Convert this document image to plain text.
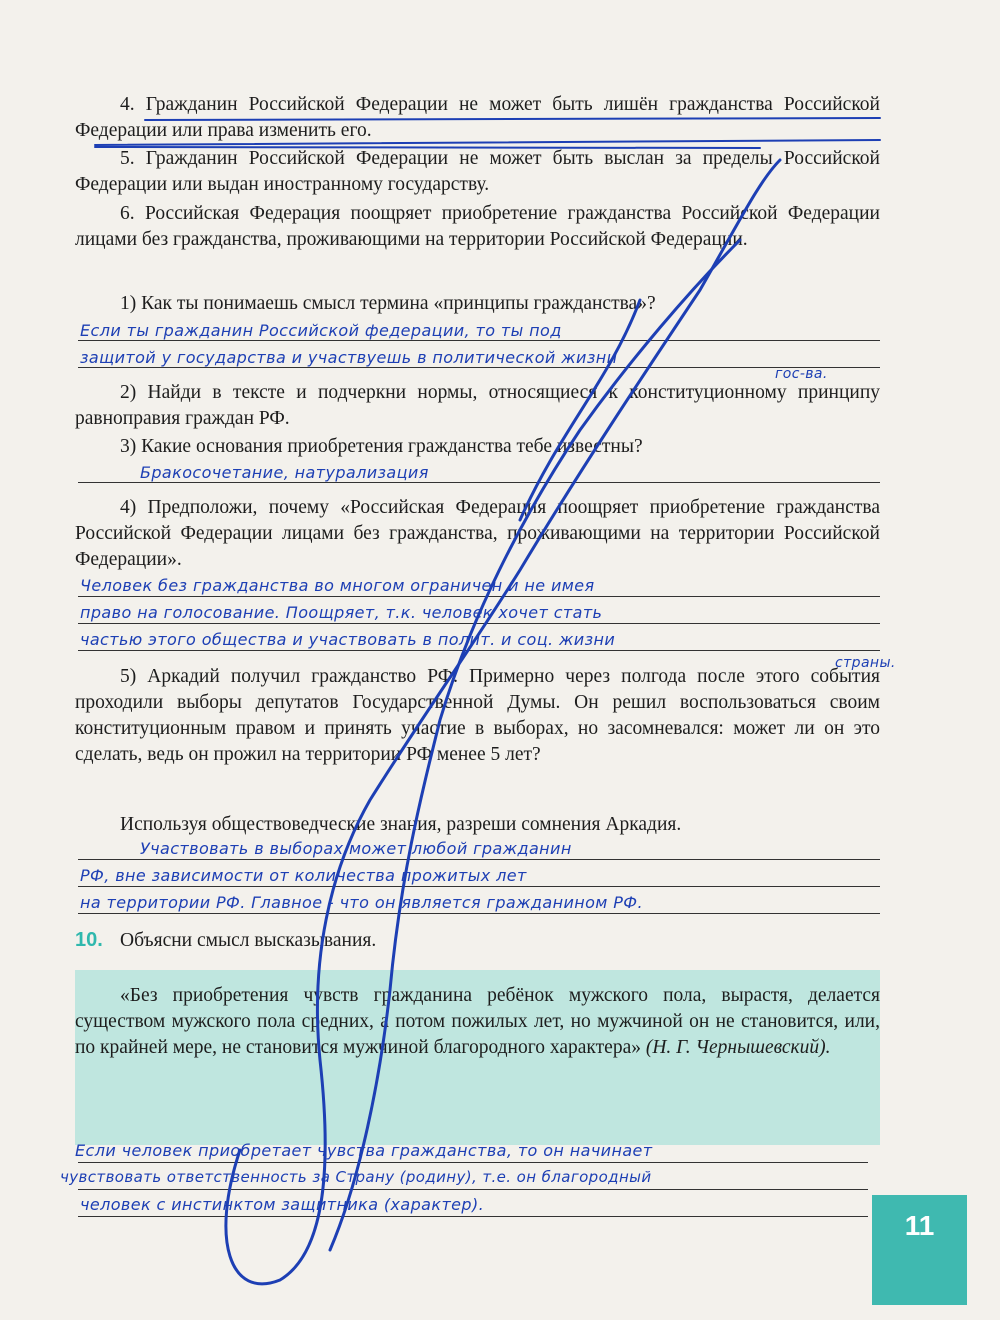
4. Гражданин Российской Федерации не может быть лишён гражданства Российской Федерации или права изменить его.

5. Гражданин Российской Федерации не может быть выслан за пределы Российской Федерации или выдан иностранному государству.

6. Российская Федерация поощряет приобретение гражданства Российской Федерации лицами без гражданства, проживающими на территории Российской Федерации.

1) Как ты понимаешь смысл термина «принципы гражданства»?

Если ты гражданин Российской федерации, то ты под
защитой у государства и участвуешь в политической жизни
гос-ва.

2) Найди в тексте и подчеркни нормы, относящиеся к конституционному принципу равноправия граждан РФ.

3) Какие основания приобретения гражданства тебе известны?

Бракосочетание, натурализация

4) Предположи, почему «Российская Федерация поощряет приобретение гражданства Российской Федерации лицами без гражданства, проживающими на территории Российской Федерации».

Человек без гражданства во многом ограничен и не имея
право на голосование. Поощряет, т.к. человек хочет стать
частью этого общества и участвовать в полит. и соц. жизни
страны.

5) Аркадий получил гражданство РФ. Примерно через полгода после этого события проходили выборы депутатов Государственной Думы. Он решил воспользоваться своим конституционным правом и принять участие в выборах, но засомневался: может ли он это сделать, ведь он прожил на территории РФ менее 5 лет?

Используя обществоведческие знания, разреши сомнения Аркадия.

Участвовать в выборах может любой гражданин
РФ, вне зависимости от количества прожитых лет
на территории РФ. Главное - что он является гражданином РФ.
10. Объясни смысл высказывания.

«Без приобретения чувств гражданина ребёнок мужского пола, вырастя, делается существом мужского пола средних, а потом пожилых лет, но мужчиной он не становится, или, по крайней мере, не становится мужчиной благородного характера» (Н. Г. Чернышевский).

Если человек приобретает чувства гражданства, то он начинает
чувствовать ответственность за Страну (родину), т.е. он благородный
человек с инстинктом защитника (характер).
11
